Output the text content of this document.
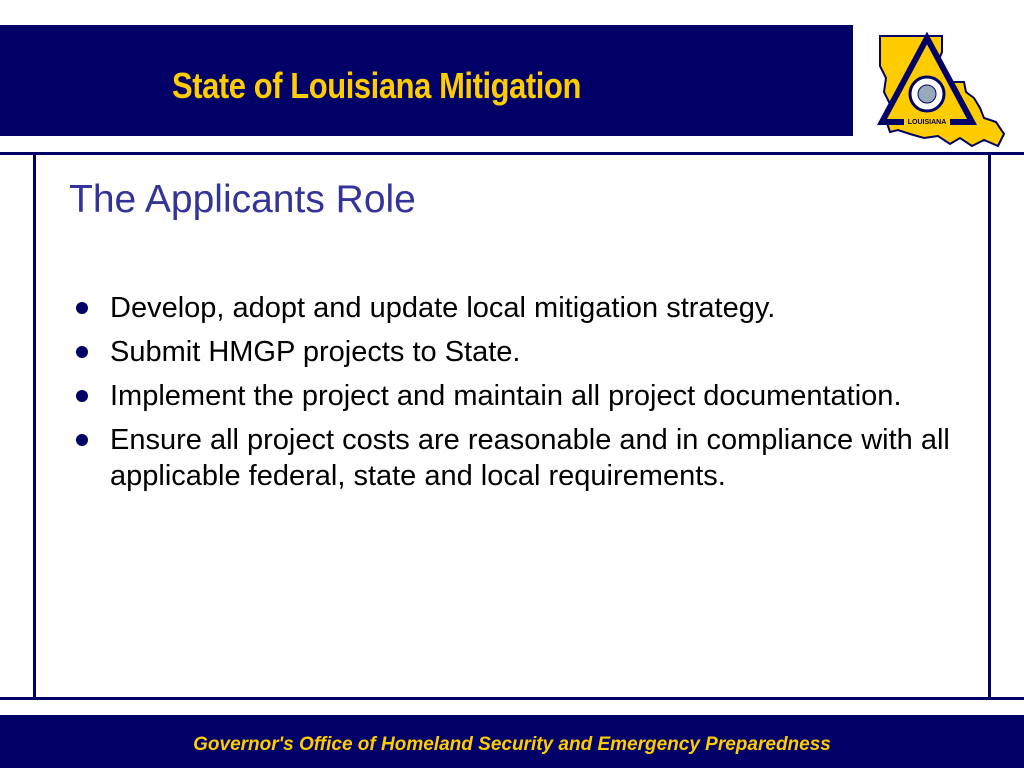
State of Louisiana Mitigation
LOUISIANA
The Applicants Role
Develop, adopt and update local mitigation strategy.
Submit HMGP projects to State.
Implement the project and maintain all project documentation.
Ensure all project costs are reasonable and in compliance with all applicable federal, state and local requirements.
Governor's Office of Homeland Security and Emergency Preparedness
